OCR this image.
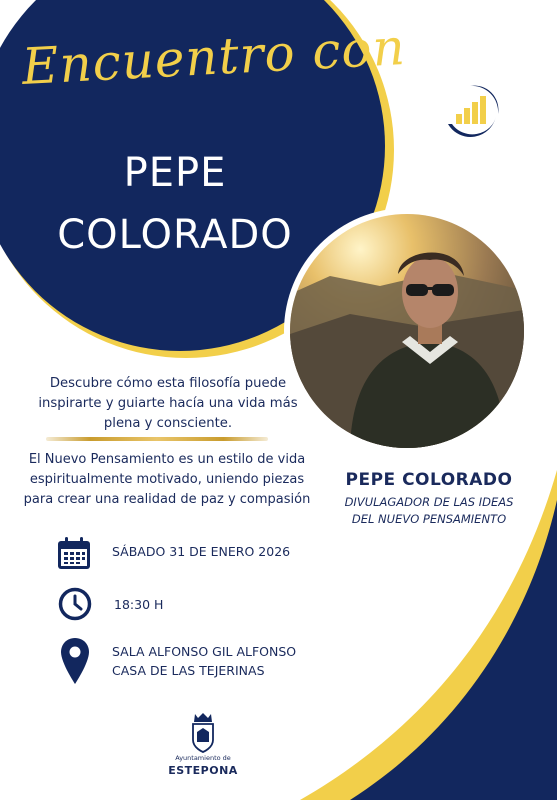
Encuentro con
PEPE
COLORADO
Descubre cómo esta filosofía puede inspirarte y guiarte hacía una vida más plena y consciente.
El Nuevo Pensamiento es un estilo de vida espiritualmente motivado, uniendo piezas para crear una realidad de paz y compasión
PEPE COLORADO
DIVULAGADOR DE LAS IDEAS
DEL NUEVO PENSAMIENTO
SÁBADO 31 DE ENERO 2026
18:30 H
SALA ALFONSO GIL ALFONSO
CASA DE LAS TEJERINAS
Ayuntamiento de
ESTEPONA
